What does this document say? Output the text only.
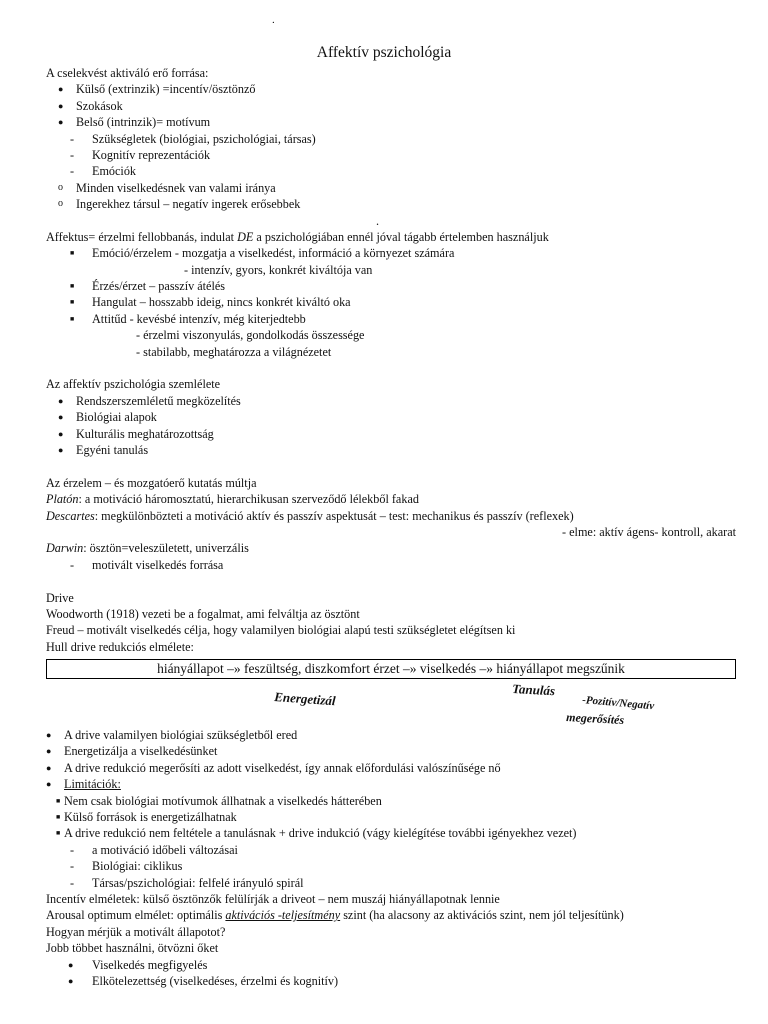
.
Affektív pszichológia
A cselekvést aktiváló erő forrása:
● Külső (extrinzik) =incentív/ösztönző
● Szokások
● Belső (intrinzik)= motívum
- Szükségletek (biológiai, pszichológiai, társas)
- Kognitív reprezentációk
- Emóciók
o Minden viselkedésnek van valami iránya
o Ingerekhez társul – negatív ingerek erősebbek
.
Affektus= érzelmi fellobbanás, indulat DE a pszichológiában ennél jóval tágabb értelemben használjuk
■ Emóció/érzelem - mozgatja a viselkedést, információ a környezet számára
- intenzív, gyors, konkrét kiváltója van
■ Érzés/érzet – passzív átélés
■ Hangulat – hosszabb ideig, nincs konkrét kiváltó oka
■ Attitűd - kevésbé intenzív, még kiterjedtebb
- érzelmi viszonyulás, gondolkodás összessége
- stabilabb, meghatározza a világnézetet
Az affektív pszichológia szemlélete
● Rendszerszemléletű megközelítés
● Biológiai alapok
● Kulturális meghatározottság
● Egyéni tanulás
Az érzelem – és mozgatóerő kutatás múltja
Platón: a motiváció háromosztatú, hierarchikusan szerveződő lélekből fakad
Descartes: megkülönbözteti a motiváció aktív és passzív aspektusát – test: mechanikus és passzív (reflexek)
- elme: aktív ágens- kontroll, akarat
Darwin: ösztön=veleszületett, univerzális
- motivált viselkedés forrása
Drive
Woodworth (1918) vezeti be a fogalmat, ami felváltja az ösztönt
Freud – motivált viselkedés célja, hogy valamilyen biológiai alapú testi szükségletet elégítsen ki
Hull drive redukciós elmélete:
hiányállapot –» feszültség, diszkomfort érzet –» viselkedés –» hiányállapot megszűnik
Energetizál	Tanulás
-Pozitív/Negatív
megerősítés
● A drive valamilyen biológiai szükségletből ered
● Energetizálja a viselkedésünket
● A drive redukció megerősíti az adott viselkedést, így annak előfordulási valószínűsége nő
● Limitációk:
■ Nem csak biológiai motívumok állhatnak a viselkedés hátterében
■ Külső források is energetizálhatnak
■ A drive redukció nem feltétele a tanulásnak + drive indukció (vágy kielégítése további igényekhez vezet)
- a motiváció időbeli változásai
- Biológiai: ciklikus
- Társas/pszichológiai: felfelé irányuló spirál
Incentív elméletek: külső ösztönzők felülírják a driveot – nem muszáj hiányállapotnak lennie
Arousal optimum elmélet: optimális aktivációs -teljesítmény szint (ha alacsony az aktivációs szint, nem jól teljesítünk)
Hogyan mérjük a motivált állapotot?
Jobb többet használni, ötvözni őket
● Viselkedés megfigyelés
● Elkötelezettség (viselkedéses, érzelmi és kognitív)
